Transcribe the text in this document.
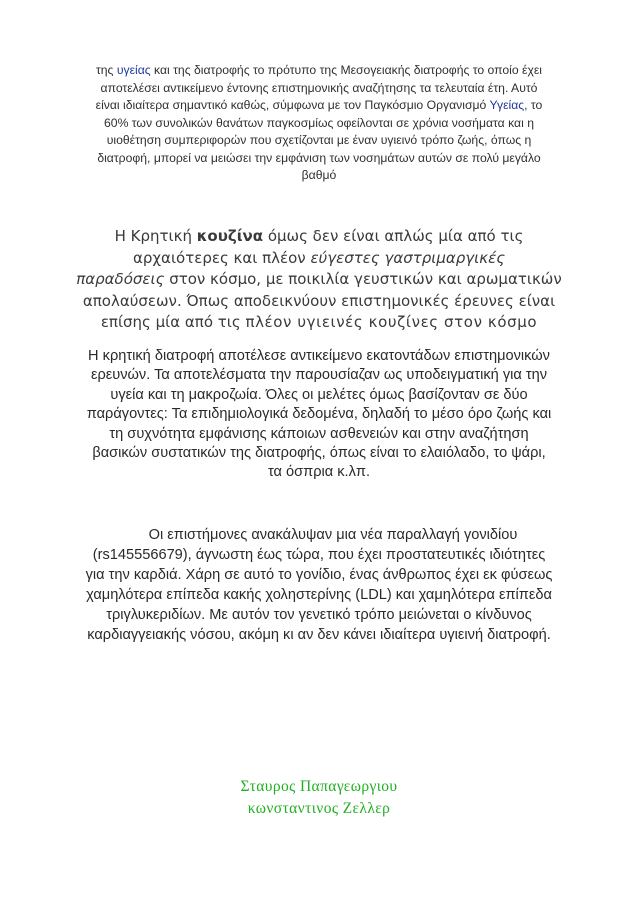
της υγείας και της διατροφής το πρότυπο της Μεσογειακής διατροφής το οποίο έχει
αποτελέσει αντικείμενο έντονης επιστημονικής αναζήτησης τα τελευταία έτη. Αυτό
είναι ιδιαίτερα σημαντικό καθώς, σύμφωνα με τον Παγκόσμιο Οργανισμό Υγείας, το
60% των συνολικών θανάτων παγκοσμίως οφείλονται σε χρόνια νοσήματα και η
υιοθέτηση συμπεριφορών που σχετίζονται με έναν υγιεινό τρόπο ζωής, όπως η
διατροφή, μπορεί να μειώσει την εμφάνιση των νοσημάτων αυτών σε πολύ μεγάλο
βαθμό
Η Κρητική κουζίνα όμως δεν είναι απλώς μία από τις
αρχαιότερες και πλέον εύγεστες γαστριμαργικές
παραδόσεις στον κόσμο, με ποικιλία γευστικών και αρωματικών
απολαύσεων. Όπως αποδεικνύουν επιστημονικές έρευνες είναι
επίσης μία από τις πλέον υγιεινές κουζίνες στον κόσμο
Η κρητική διατροφή αποτέλεσε αντικείμενο εκατοντάδων επιστημονικών
ερευνών. Τα αποτελέσματα την παρουσίαζαν ως υποδειγματική για την
υγεία και τη μακροζωία. Όλες οι μελέτες όμως βασίζονταν σε δύο
παράγοντες: Τα επιδημιολογικά δεδομένα, δηλαδή το μέσο όρο ζωής και
τη συχνότητα εμφάνισης κάποιων ασθενειών και στην αναζήτηση
βασικών συστατικών της διατροφής, όπως είναι το ελαιόλαδο, το ψάρι,
τα όσπρια κ.λπ.
Οι επιστήμονες ανακάλυψαν μια νέα παραλλαγή γονιδίου
(rs145556679), άγνωστη έως τώρα, που έχει προστατευτικές ιδιότητες
για την καρδιά. Χάρη σε αυτό το γονίδιο, ένας άνθρωπος έχει εκ φύσεως
χαμηλότερα επίπεδα κακής χοληστερίνης (LDL) και χαμηλότερα επίπεδα
τριγλυκεριδίων. Με αυτόν τον γενετικό τρόπο μειώνεται ο κίνδυνος
καρδιαγγειακής νόσου, ακόμη κι αν δεν κάνει ιδιαίτερα υγιεινή διατροφή.
Σταυρος Παπαγεωργιου
κωνσταντινος Ζελλερ
